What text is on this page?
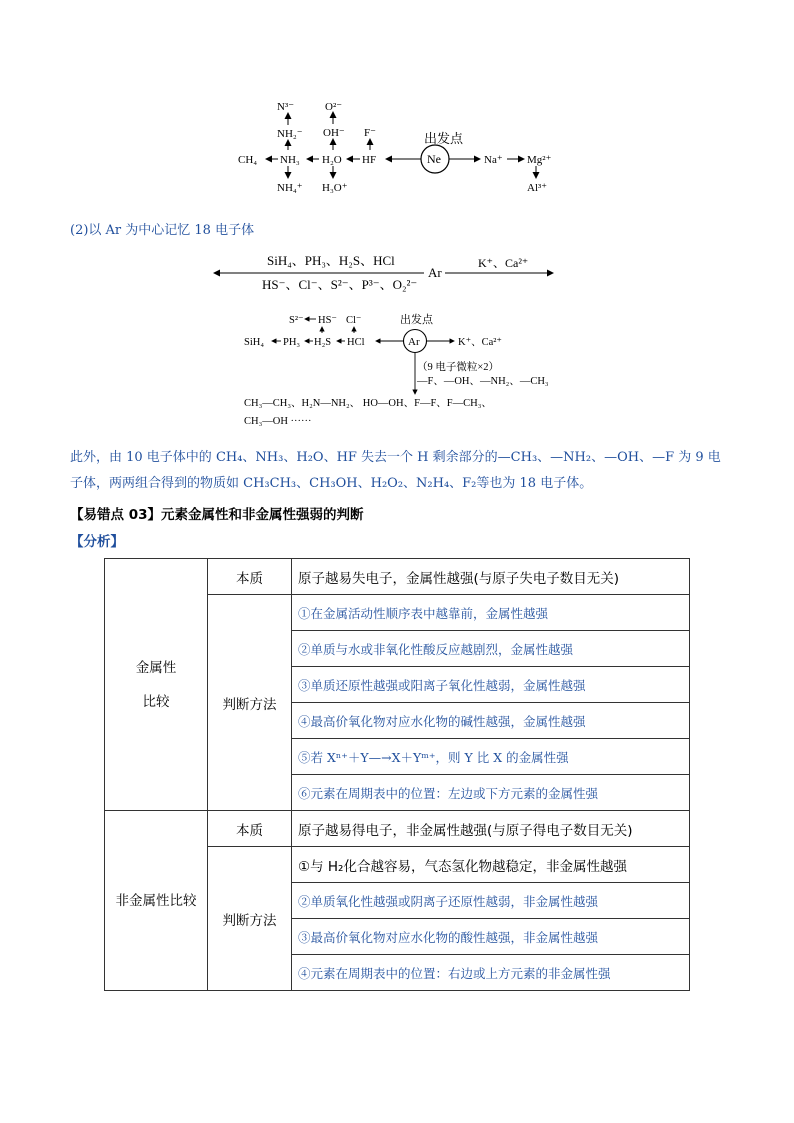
N³⁻
NH₂⁻
CH₄ NH₃
NH₄⁺
O²⁻
OH⁻
H₂O
H₃O⁺
F⁻
HF	Na⁺ Mg²⁺
Al³⁺
出发点
Ne
(2)以 Ar 为中心记忆 18 电子体
SiH₄、PH₃、H₂S、HCl
HS⁻、Cl⁻、S²⁻、P³⁻、O₂²⁻
Ar
K⁺、Ca²⁺
S²⁻ HS⁻ Cl⁻
SiH₄ PH₃ H₂S HCl
出发点
K⁺、Ca²⁺
（9 电子微粒×2）
—F、—OH、—NH₂、—CH₃
CH₃—CH₃、H₂N—NH₂、 HO—OH、F—F、F—CH₃、
CH₃—OH ······
Ar
此外，由 10 电子体中的 CH₄、NH₃、H₂O、HF 失去一个 H 剩余部分的—CH₃、—NH₂、—OH、—F 为 9 电子体，两两组合得到的物质如 CH₃CH₃、CH₃OH、H₂O₂、N₂H₄、F₂等也为 18 电子体。
【易错点 03】元素金属性和非金属性强弱的判断
【分析】
金属性
比较	本质	原子越易失电子，金属性越强(与原子失电子数目无关)
	判断方法	①在金属活动性顺序表中越靠前，金属性越强
		②单质与水或非氧化性酸反应越剧烈，金属性越强
		③单质还原性越强或阳离子氧化性越弱，金属性越强
		④最高价氧化物对应水化物的碱性越强，金属性越强
		⑤若 Xⁿ⁺＋Y—→X＋Yᵐ⁺，则 Y 比 X 的金属性强
		⑥元素在周期表中的位置：左边或下方元素的金属性强
非金属性比较	本质	原子越易得电子，非金属性越强(与原子得电子数目无关)
	判断方法	①与 H₂化合越容易，气态氢化物越稳定，非金属性越强
		②单质氧化性越强或阴离子还原性越弱，非金属性越强
		③最高价氧化物对应水化物的酸性越强，非金属性越强
		④元素在周期表中的位置：右边或上方元素的非金属性强
